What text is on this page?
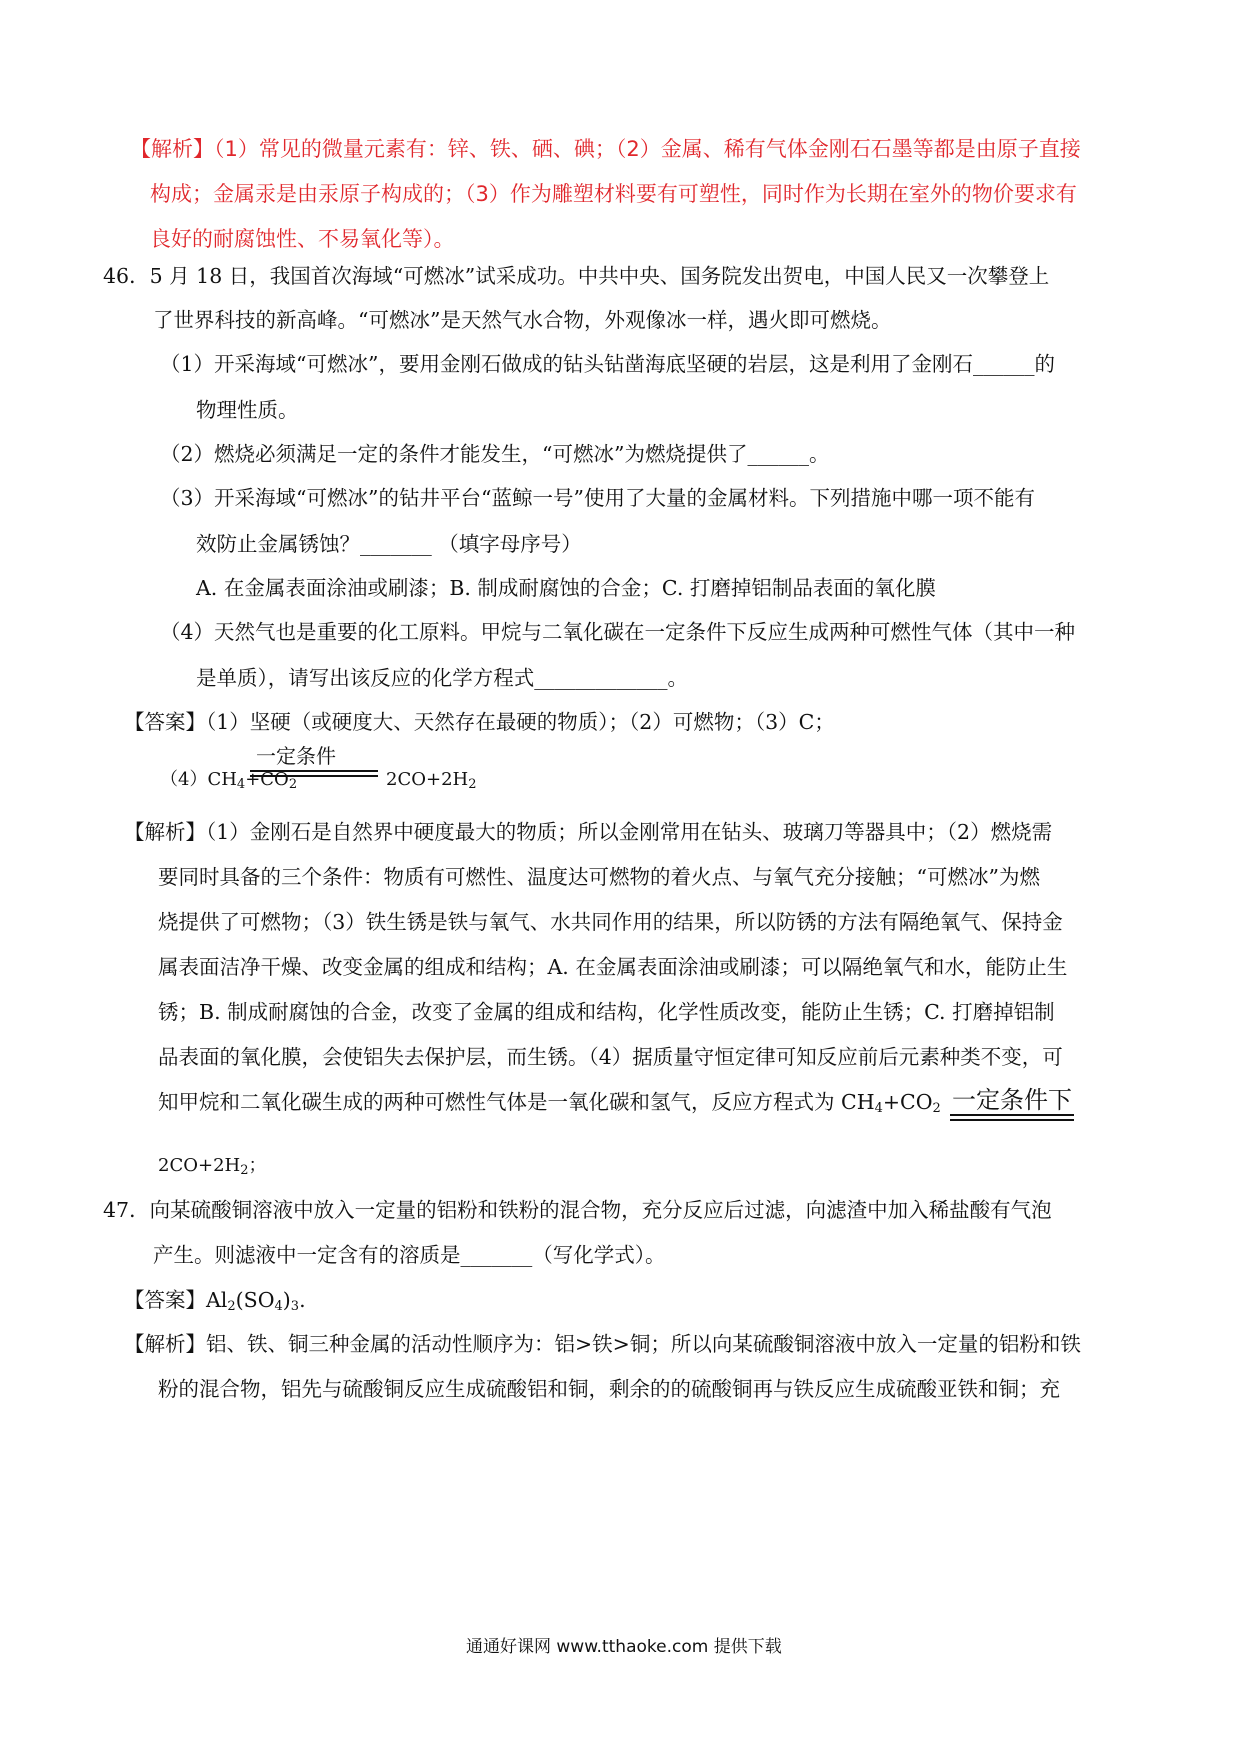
【解析】（1）常见的微量元素有：锌、铁、硒、碘；（2）金属、稀有气体金刚石石墨等都是由原子直接
构成；金属汞是由汞原子构成的；（3）作为雕塑材料要有可塑性，同时作为长期在室外的物价要求有
良好的耐腐蚀性、不易氧化等）。
46．5 月 18 日，我国首次海域“可燃冰”试采成功。中共中央、国务院发出贺电，中国人民又一次攀登上
了世界科技的新高峰。“可燃冰”是天然气水合物，外观像冰一样，遇火即可燃烧。
（1）开采海域“可燃冰”，要用金刚石做成的钻头钻凿海底坚硬的岩层，这是利用了金刚石______的
物理性质。
（2）燃烧必须满足一定的条件才能发生，“可燃冰”为燃烧提供了______。
（3）开采海域“可燃冰”的钻井平台“蓝鲸一号”使用了大量的金属材料。下列措施中哪一项不能有
效防止金属锈蚀？_______ （填字母序号）
A. 在金属表面涂油或刷漆；B. 制成耐腐蚀的合金；C. 打磨掉铝制品表面的氧化膜
（4）天然气也是重要的化工原料。甲烷与二氧化碳在一定条件下反应生成两种可燃性气体（其中一种
是单质），请写出该反应的化学方程式_____________。
【答案】（1）坚硬（或硬度大、天然存在最硬的物质）；（2）可燃物；（3）C；
一定条件
$(4)CH_4+CO_2$	$2CO+2H_2$
【解析】（1）金刚石是自然界中硬度最大的物质；所以金刚常用在钻头、玻璃刀等器具中；（2）燃烧需
要同时具备的三个条件：物质有可燃性、温度达可燃物的着火点、与氧气充分接触；“可燃冰”为燃
烧提供了可燃物；（3）铁生锈是铁与氧气、水共同作用的结果，所以防锈的方法有隔绝氧气、保持金
属表面洁净干燥、改变金属的组成和结构；A. 在金属表面涂油或刷漆；可以隔绝氧气和水，能防止生
锈；B. 制成耐腐蚀的合金，改变了金属的组成和结构，化学性质改变，能防止生锈；C. 打磨掉铝制
品表面的氧化膜，会使铝失去保护层，而生锈。（4）据质量守恒定律可知反应前后元素种类不变，可
知甲烷和二氧化碳生成的两种可燃性气体是一氧化碳和氢气，反应方程式为 $CH_4+CO_2$ 一定条件下
$2CO+2H_2$；
47．向某硫酸铜溶液中放入一定量的铝粉和铁粉的混合物，充分反应后过滤，向滤渣中加入稀盐酸有气泡
产生。则滤液中一定含有的溶质是_______（写化学式）。
【答案】$Al_2(SO_4)_3$.
【解析】铝、铁、铜三种金属的活动性顺序为：铝>铁>铜；所以向某硫酸铜溶液中放入一定量的铝粉和铁
粉的混合物，铝先与硫酸铜反应生成硫酸铝和铜，剩余的的硫酸铜再与铁反应生成硫酸亚铁和铜；充
通通好课网 www.tthaoke.com 提供下载
